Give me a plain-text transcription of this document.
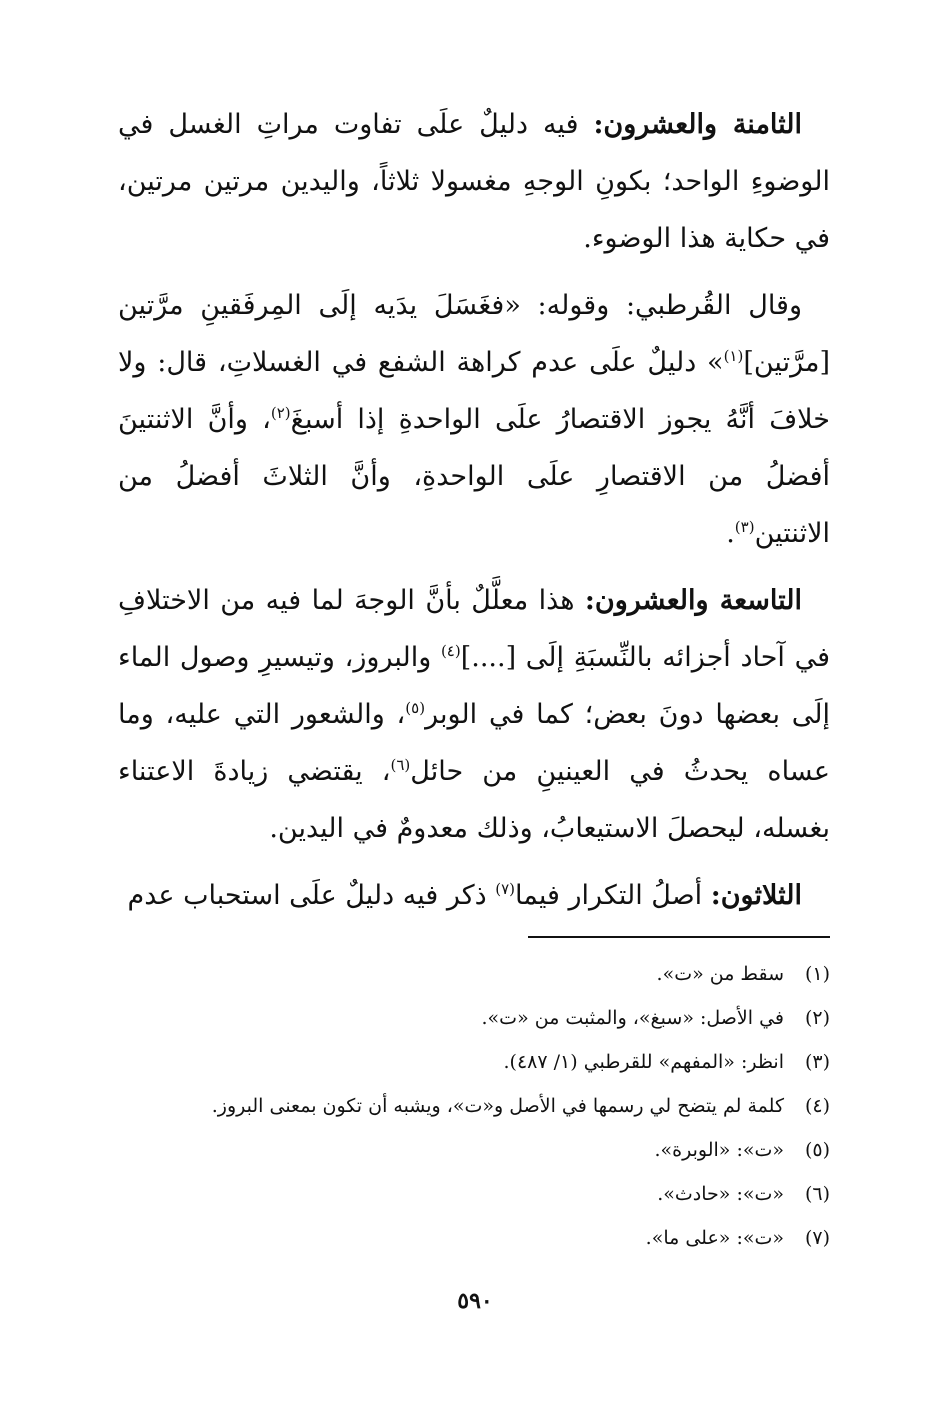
الثامنة والعشرون: فيه دليلٌ علَى تفاوت مراتِ الغسل في الوضوءِ الواحد؛ بكونِ الوجهِ مغسولا ثلاثاً، واليدين مرتين مرتين، في حكاية هذا الوضوء.

وقال القُرطبي: وقوله: «فغَسَلَ يدَيه إلَى المِرفَقينِ مرَّتين [مرَّتين]$^{(١)}$» دليلٌ علَى عدم كراهة الشفع في الغسلاتِ، قال: ولا خلافَ أنَّهُ يجوز الاقتصارُ علَى الواحدةِ إذا أسبغَ$^{(٢)}$، وأنَّ الاثنتينَ أفضلُ من الاقتصارِ علَى الواحدةِ، وأنَّ الثلاثَ أفضلُ من الاثنتين$^{(٣)}$.

التاسعة والعشرون: هذا معلَّلٌ بأنَّ الوجهَ لما فيه من الاختلافِ في آحاد أجزائه بالنِّسبَةِ إلَى [....]$^{(٤)}$ والبروز، وتيسيرِ وصول الماء إلَى بعضها دونَ بعض؛ كما في الوبر$^{(٥)}$، والشعور التي عليه، وما عساه يحدثُ في العينينِ من حائل$^{(٦)}$، يقتضي زيادةَ الاعتناء بغسله، ليحصلَ الاستيعابُ، وذلك معدومٌ في اليدين.

الثلاثون: أصلُ التكرار فيما$^{(٧)}$ ذكر فيه دليلٌ علَى استحباب عدم

(١)سقط من «ت».
(٢)في الأصل: «سبغ»، والمثبت من «ت».
(٣)انظر: «المفهم» للقرطبي (١/ ٤٨٧).
(٤)كلمة لم يتضح لي رسمها في الأصل و«ت»، ويشبه أن تكون بمعنى البروز.
(٥)«ت»: «الوبرة».
(٦)«ت»: «حادث».
(٧)«ت»: «على ما».
٥٩٠
